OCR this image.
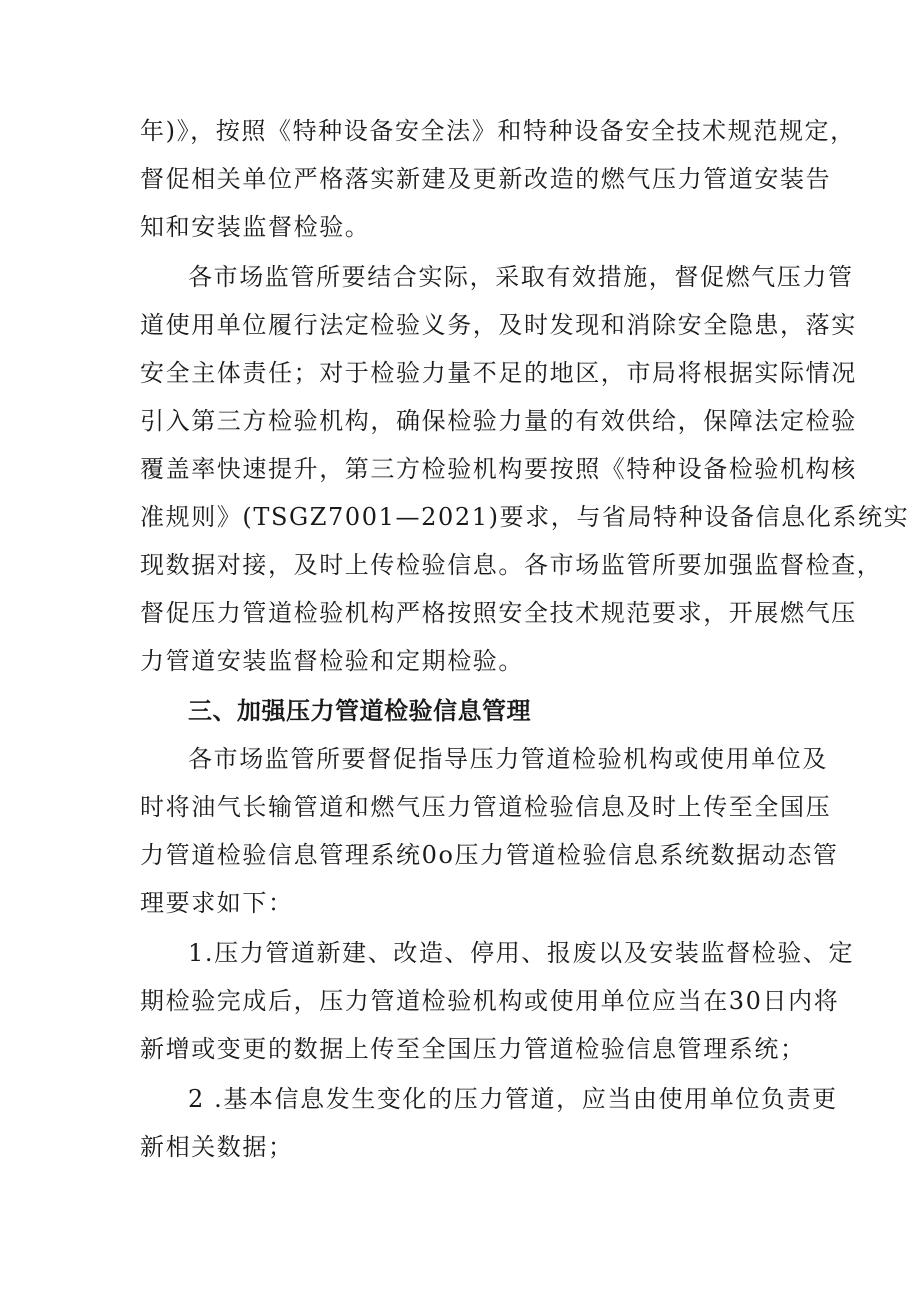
年)》，按照《特种设备安全法》和特种设备安全技术规范规定，
督促相关单位严格落实新建及更新改造的燃气压力管道安装告
知和安装监督检验。
各市场监管所要结合实际，采取有效措施，督促燃气压力管
道使用单位履行法定检验义务，及时发现和消除安全隐患，落实
安全主体责任；对于检验力量不足的地区，市局将根据实际情况
引入第三方检验机构，确保检验力量的有效供给，保障法定检验
覆盖率快速提升，第三方检验机构要按照《特种设备检验机构核
准规则》(TSGZ7001—2021)要求，与省局特种设备信息化系统实
现数据对接，及时上传检验信息。各市场监管所要加强监督检查，
督促压力管道检验机构严格按照安全技术规范要求，开展燃气压
力管道安装监督检验和定期检验。
三、加强压力管道检验信息管理
各市场监管所要督促指导压力管道检验机构或使用单位及
时将油气长输管道和燃气压力管道检验信息及时上传至全国压
力管道检验信息管理系统0o压力管道检验信息系统数据动态管
理要求如下：
1.压力管道新建、改造、停用、报废以及安装监督检验、定
期检验完成后，压力管道检验机构或使用单位应当在30日内将
新增或变更的数据上传至全国压力管道检验信息管理系统；
2 .基本信息发生变化的压力管道，应当由使用单位负责更
新相关数据；
